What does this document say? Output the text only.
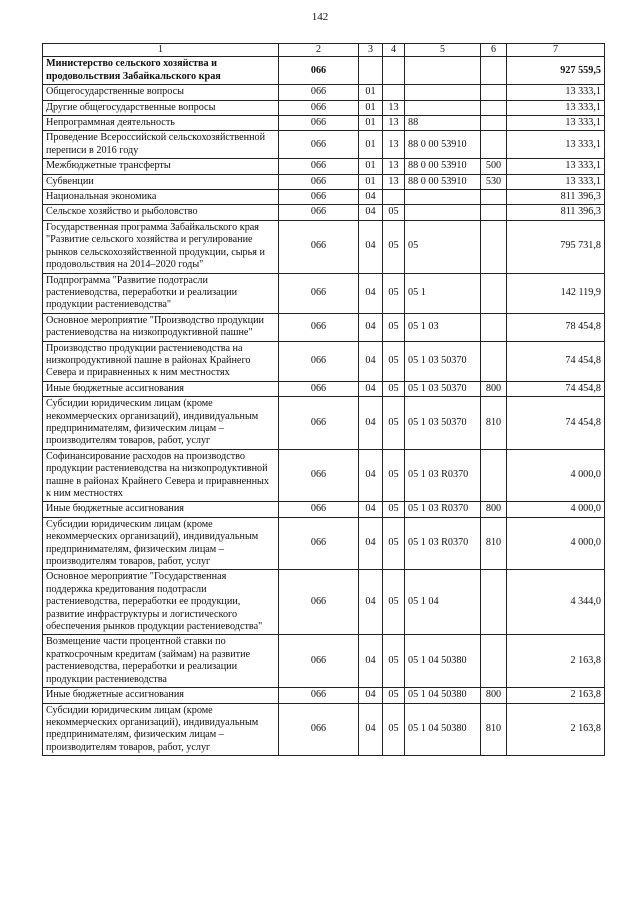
142
1	2	3	4	5	6	7
Министерство сельского хозяйства и продовольствия Забайкальского края	066					927 559,5
Общегосударственные вопросы	066	01				13 333,1
Другие общегосударственные вопросы	066	01	13			13 333,1
Непрограммная деятельность	066	01	13	88		13 333,1
Проведение Всероссийской сельскохозяйственной переписи в 2016 году	066	01	13	88 0 00 53910		13 333,1
Межбюджетные трансферты	066	01	13	88 0 00 53910	500	13 333,1
Субвенции	066	01	13	88 0 00 53910	530	13 333,1
Национальная экономика	066	04				811 396,3
Сельское хозяйство и рыболовство	066	04	05			811 396,3
Государственная программа Забайкальского края "Развитие сельского хозяйства и регулирование рынков сельскохозяйственной продукции, сырья и продовольствия на 2014–2020 годы"	066	04	05	05		795 731,8
Подпрограмма "Развитие подотрасли растениеводства, переработки и реализации продукции растениеводства"	066	04	05	05 1		142 119,9
Основное мероприятие "Производство продукции растениеводства на низкопродуктивной пашне"	066	04	05	05 1 03		78 454,8
Производство продукции растениеводства на низкопродуктивной пашне в районах Крайнего Севера и приравненных к ним местностях	066	04	05	05 1 03 50370		74 454,8
Иные бюджетные ассигнования	066	04	05	05 1 03 50370	800	74 454,8
Субсидии юридическим лицам (кроме некоммерческих организаций), индивидуальным предпринимателям, физическим лицам – производителям товаров, работ, услуг	066	04	05	05 1 03 50370	810	74 454,8
Софинансирование расходов на производство продукции растениеводства на низкопродуктивной пашне в районах Крайнего Севера и приравненных к ним местностях	066	04	05	05 1 03 R0370		4 000,0
Иные бюджетные ассигнования	066	04	05	05 1 03 R0370	800	4 000,0
Субсидии юридическим лицам (кроме некоммерческих организаций), индивидуальным предпринимателям, физическим лицам – производителям товаров, работ, услуг	066	04	05	05 1 03 R0370	810	4 000,0
Основное мероприятие "Государственная поддержка кредитования подотрасли растениеводства, переработки ее продукции, развитие инфраструктуры и логистического обеспечения рынков продукции растениеводства"	066	04	05	05 1 04		4 344,0
Возмещение части процентной ставки по краткосрочным кредитам (займам) на развитие растениеводства, переработки и реализации продукции растениеводства	066	04	05	05 1 04 50380		2 163,8
Иные бюджетные ассигнования	066	04	05	05 1 04 50380	800	2 163,8
Субсидии юридическим лицам (кроме некоммерческих организаций), индивидуальным предпринимателям, физическим лицам – производителям товаров, работ, услуг	066	04	05	05 1 04 50380	810	2 163,8
